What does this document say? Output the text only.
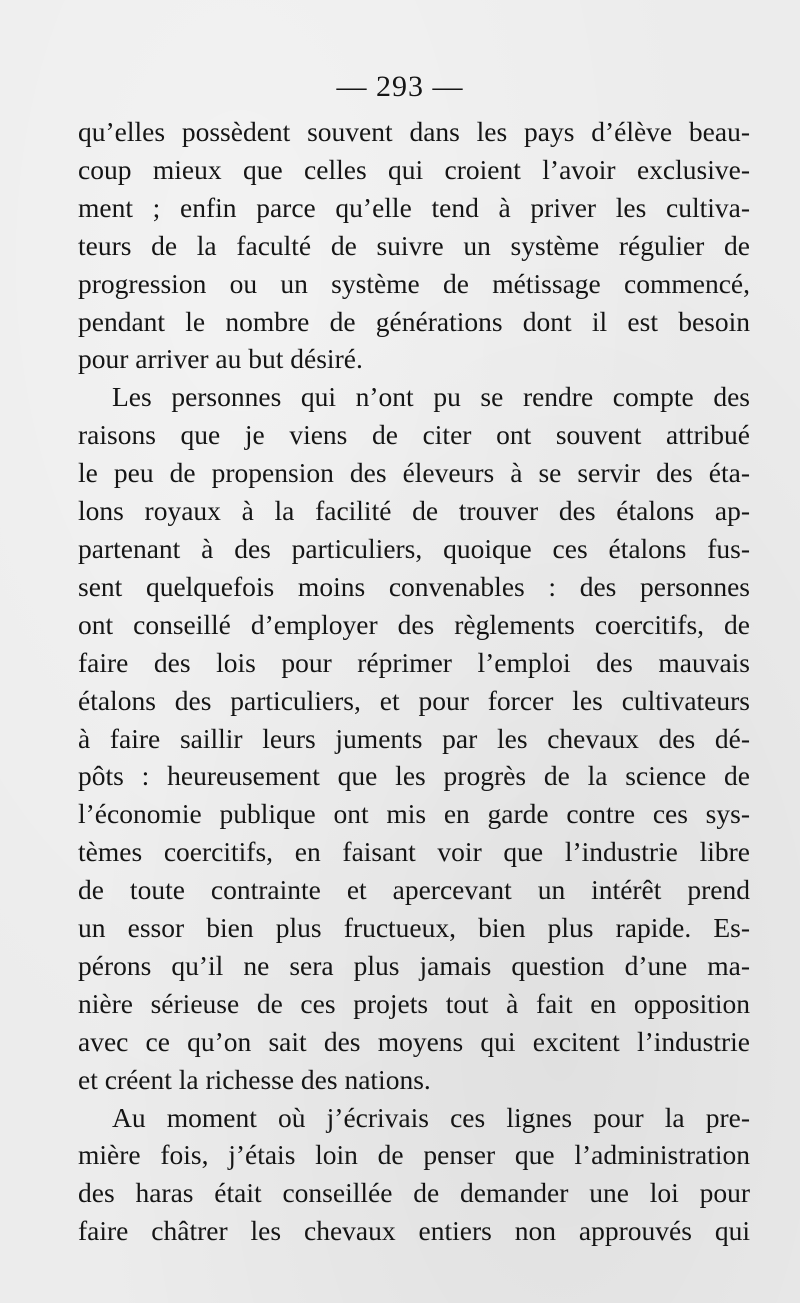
— 293 —
qu’elles possèdent souvent dans les pays d’élève beau-
coup mieux que celles qui croient l’avoir exclusive-
ment ; enfin parce qu’elle tend à priver les cultiva-
teurs de la faculté de suivre un système régulier de
progression ou un système de métissage commencé,
pendant le nombre de générations dont il est besoin
pour arriver au but désiré.
Les personnes qui n’ont pu se rendre compte des
raisons que je viens de citer ont souvent attribué
le peu de propension des éleveurs à se servir des éta-
lons royaux à la facilité de trouver des étalons ap-
partenant à des particuliers, quoique ces étalons fus-
sent quelquefois moins convenables : des personnes
ont conseillé d’employer des règlements coercitifs, de
faire des lois pour réprimer l’emploi des mauvais
étalons des particuliers, et pour forcer les cultivateurs
à faire saillir leurs juments par les chevaux des dé-
pôts : heureusement que les progrès de la science de
l’économie publique ont mis en garde contre ces sys-
tèmes coercitifs, en faisant voir que l’industrie libre
de toute contrainte et apercevant un intérêt prend
un essor bien plus fructueux, bien plus rapide. Es-
pérons qu’il ne sera plus jamais question d’une ma-
nière sérieuse de ces projets tout à fait en opposition
avec ce qu’on sait des moyens qui excitent l’industrie
et créent la richesse des nations.
Au moment où j’écrivais ces lignes pour la pre-
mière fois, j’étais loin de penser que l’administration
des haras était conseillée de demander une loi pour
faire châtrer les chevaux entiers non approuvés qui
